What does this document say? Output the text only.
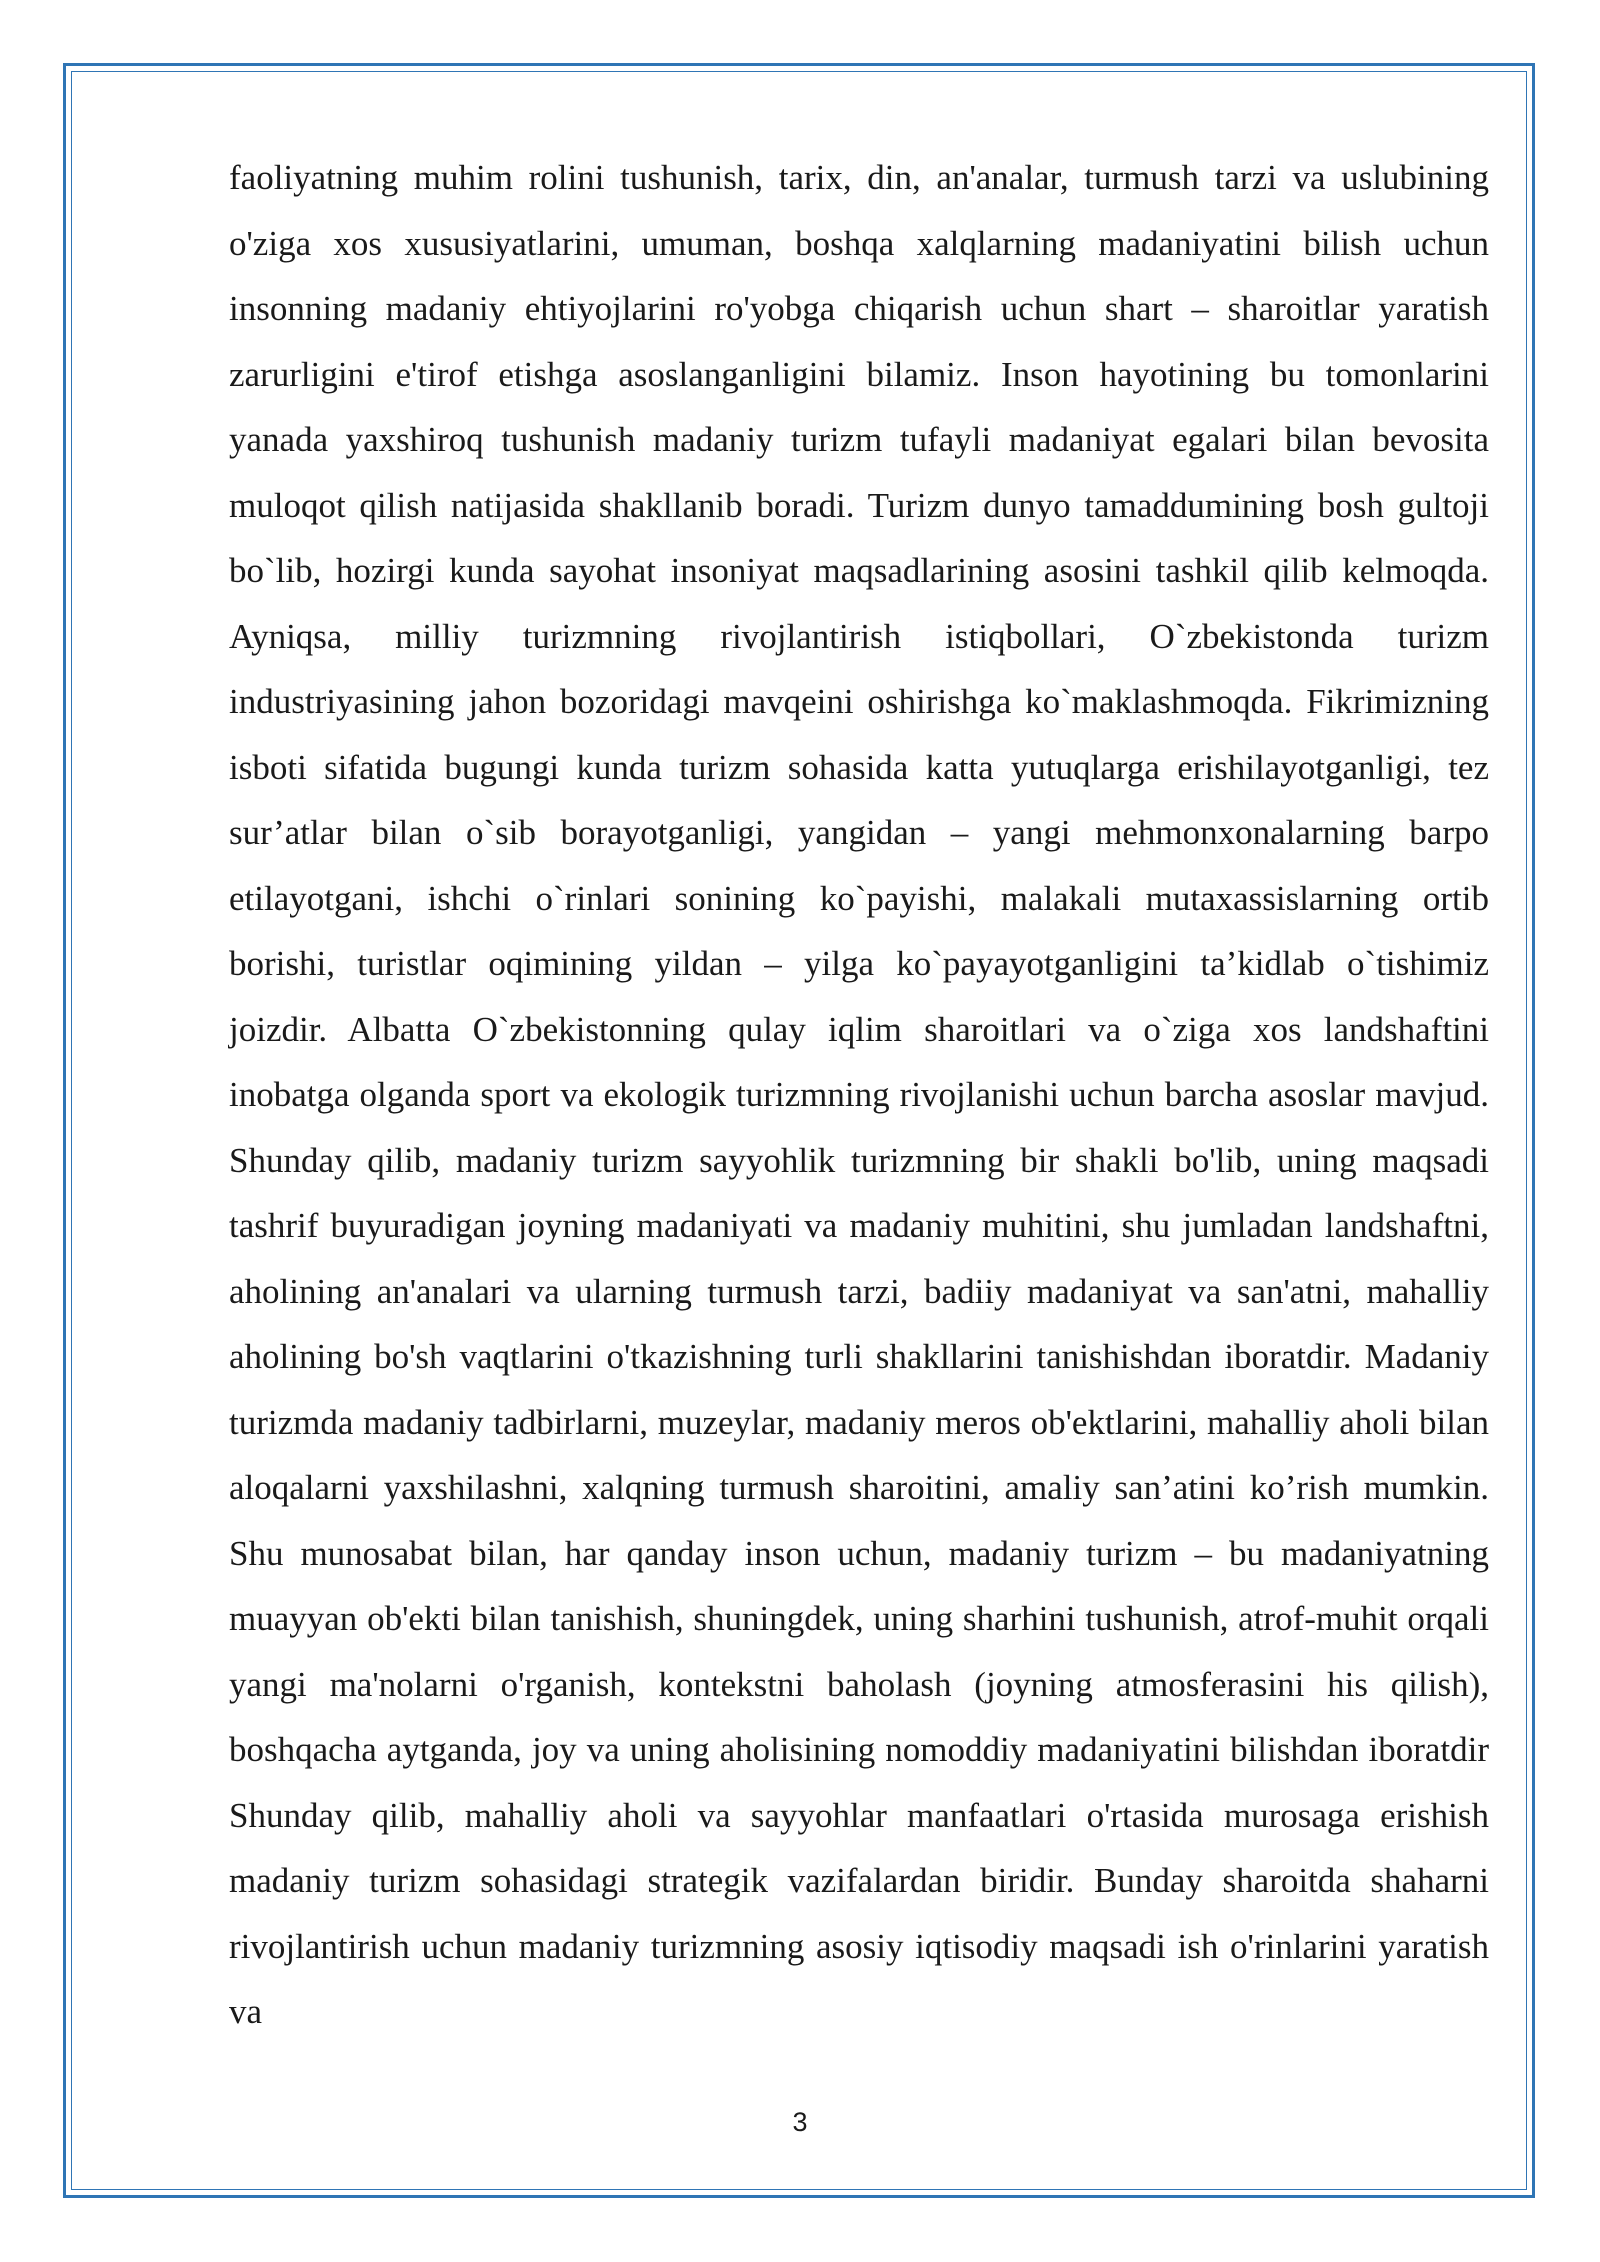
faoliyatning muhim rolini tushunish, tarix, din, an'analar, turmush tarzi va uslubining o'ziga xos xususiyatlarini, umuman, boshqa xalqlarning madaniyatini bilish uchun insonning madaniy ehtiyojlarini ro'yobga chiqarish uchun shart – sharoitlar yaratish zarurligini e'tirof etishga asoslanganligini bilamiz. Inson hayotining bu tomonlarini yanada yaxshiroq tushunish madaniy turizm tufayli madaniyat egalari bilan bevosita muloqot qilish natijasida shakllanib boradi. Turizm dunyo tamaddumining bosh gultoji bo`lib, hozirgi kunda sayohat insoniyat maqsadlarining asosini tashkil qilib kelmoqda. Ayniqsa, milliy turizmning rivojlantirish istiqbollari, O`zbekistonda turizm industriyasining jahon bozoridagi mavqeini oshirishga ko`maklashmoqda. Fikrimizning isboti sifatida bugungi kunda turizm sohasida katta yutuqlarga erishilayotganligi, tez sur’atlar bilan o`sib borayotganligi, yangidan – yangi mehmonxonalarning barpo etilayotgani, ishchi o`rinlari sonining ko`payishi, malakali mutaxassislarning ortib borishi, turistlar oqimining yildan – yilga ko`payayotganligini ta’kidlab o`tishimiz joizdir. Albatta O`zbekistonning qulay iqlim sharoitlari va o`ziga xos landshaftini inobatga olganda sport va ekologik turizmning rivojlanishi uchun barcha asoslar mavjud. Shunday qilib, madaniy turizm sayyohlik turizmning bir shakli bo'lib, uning maqsadi tashrif buyuradigan joyning madaniyati va madaniy muhitini, shu jumladan landshaftni, aholining an'analari va ularning turmush tarzi, badiiy madaniyat va san'atni, mahalliy aholining bo'sh vaqtlarini o'tkazishning turli shakllarini tanishishdan iboratdir. Madaniy turizmda madaniy tadbirlarni, muzeylar, madaniy meros ob'ektlarini, mahalliy aholi bilan aloqalarni yaxshilashni, xalqning turmush sharoitini, amaliy san’atini ko’rish mumkin. Shu munosabat bilan, har qanday inson uchun, madaniy turizm – bu madaniyatning muayyan ob'ekti bilan tanishish, shuningdek, uning sharhini tushunish, atrof-muhit orqali yangi ma'nolarni o'rganish, kontekstni baholash (joyning atmosferasini his qilish), boshqacha aytganda, joy va uning aholisining nomoddiy madaniyatini bilishdan iboratdir Shunday qilib, mahalliy aholi va sayyohlar manfaatlari o'rtasida murosaga erishish madaniy turizm sohasidagi strategik vazifalardan biridir. Bunday sharoitda shaharni rivojlantirish uchun madaniy turizmning asosiy iqtisodiy maqsadi ish o'rinlarini yaratish va

3
